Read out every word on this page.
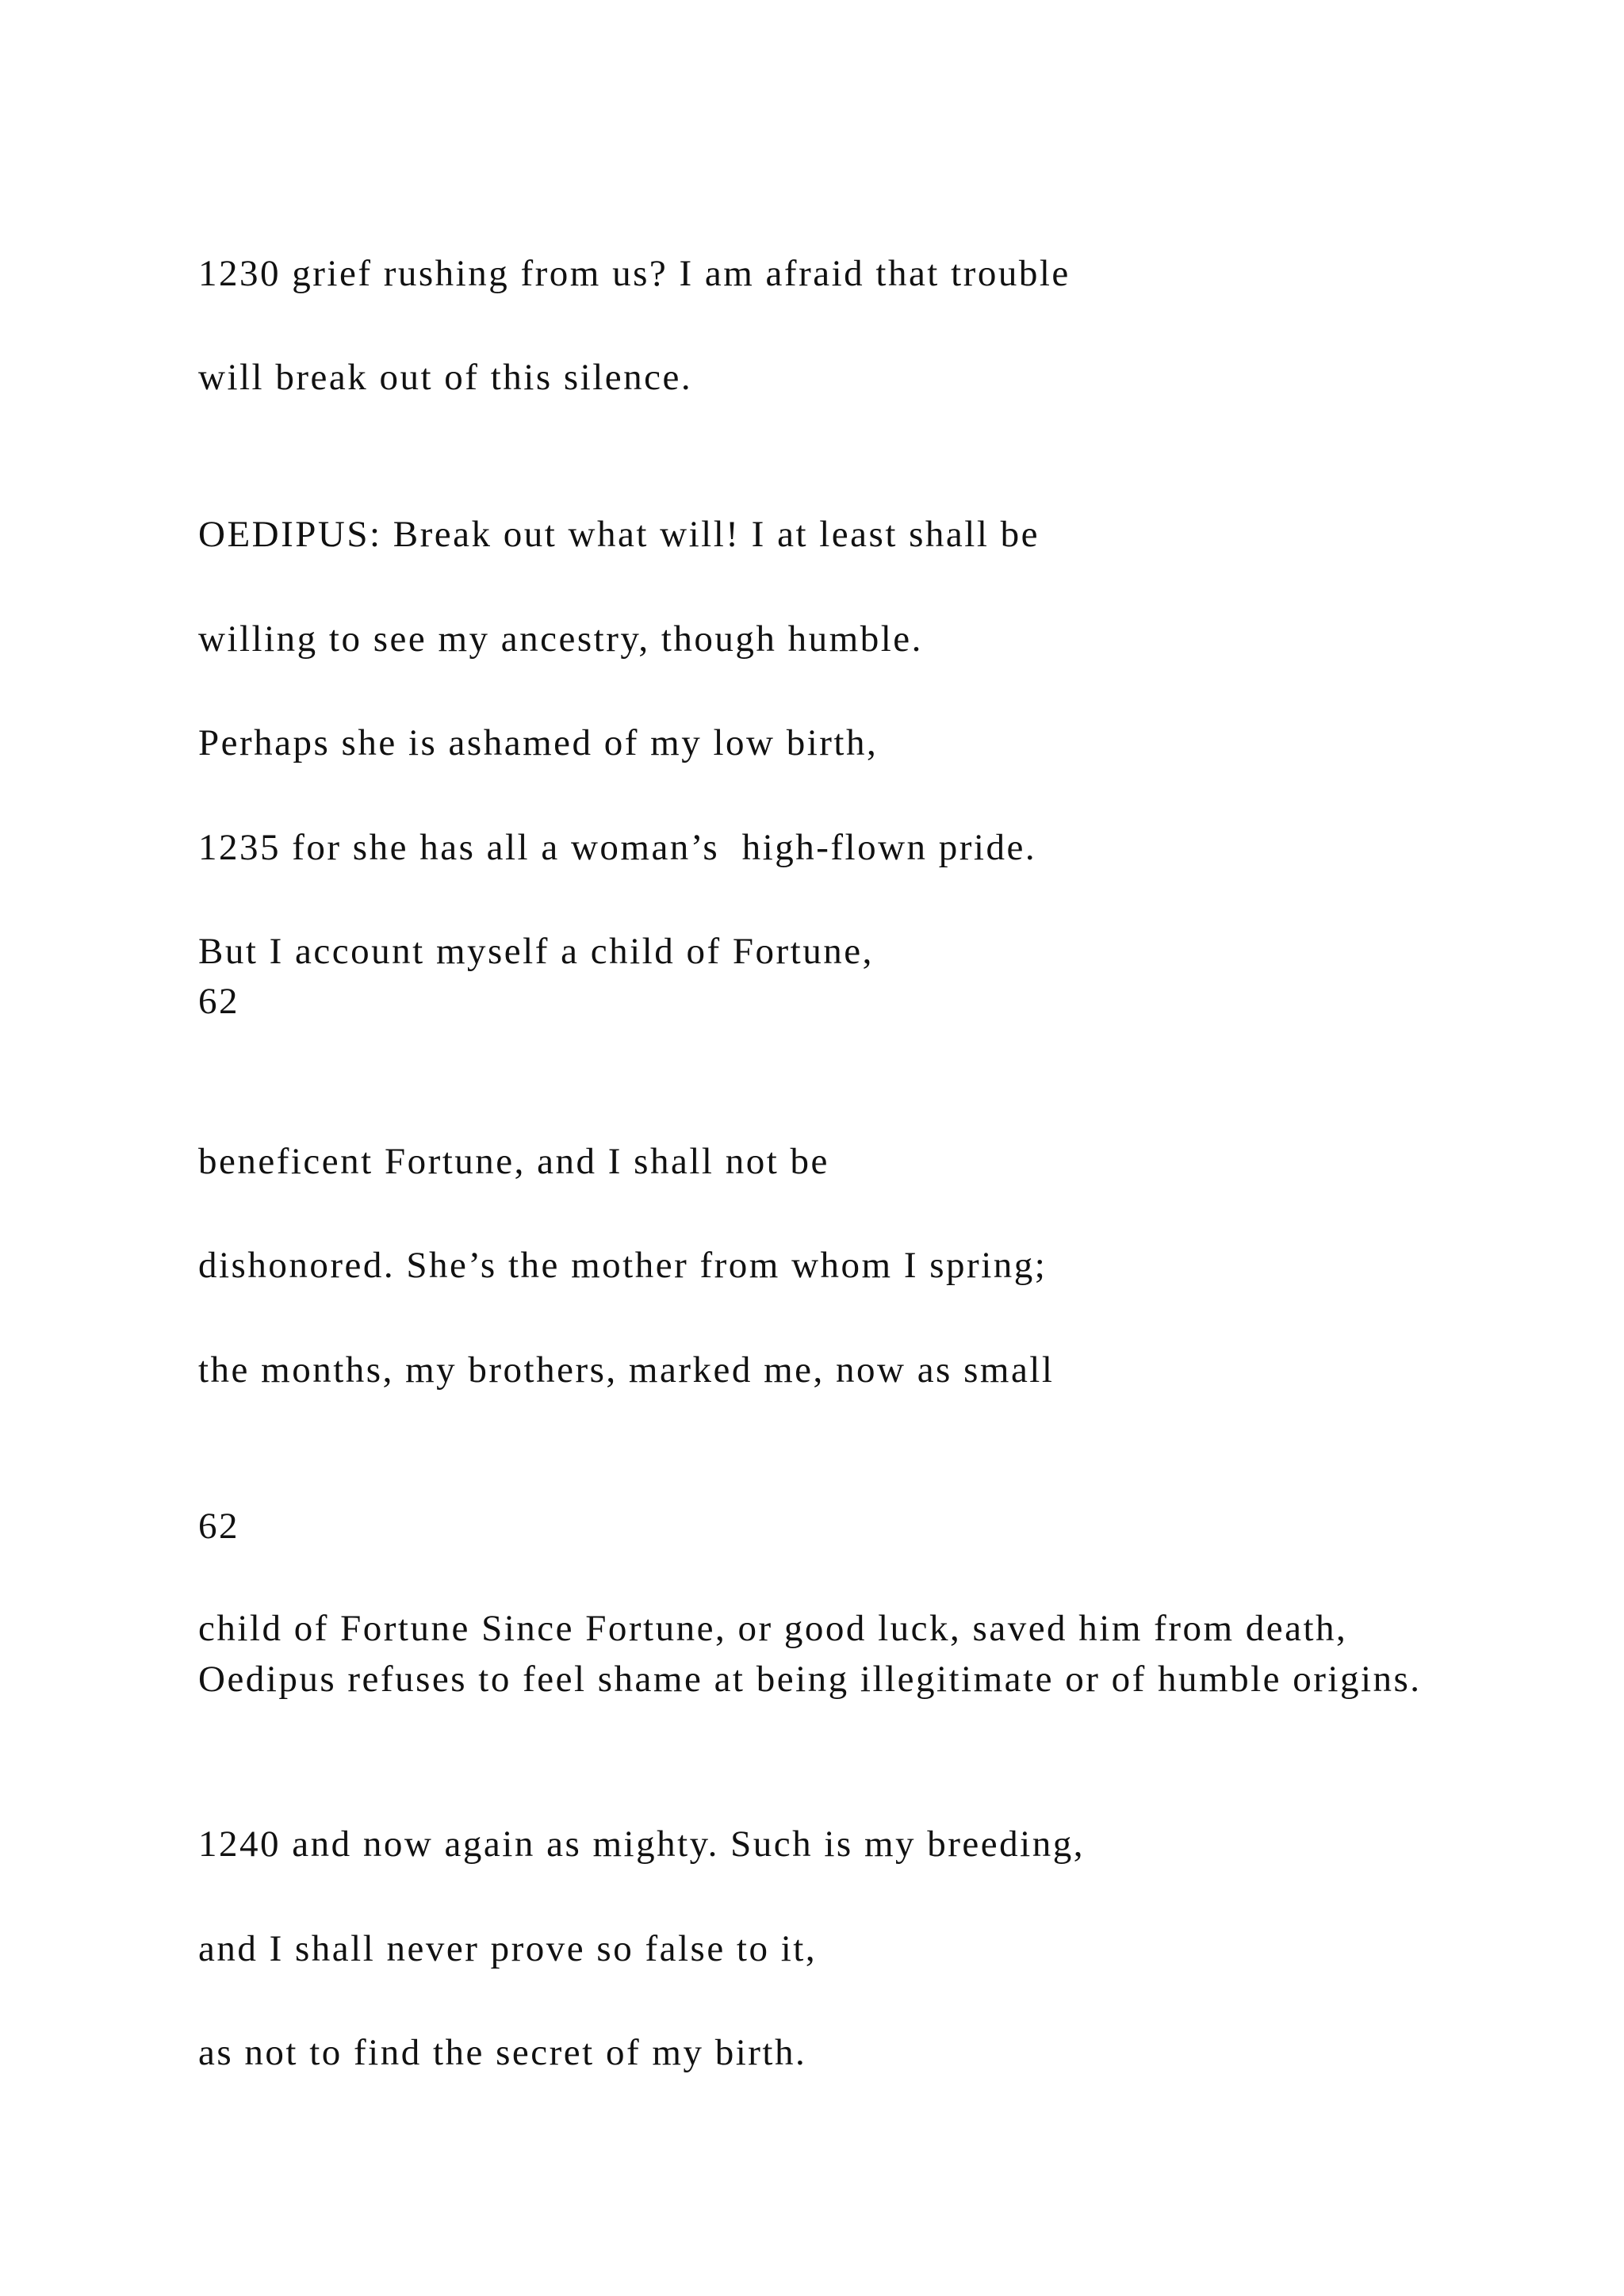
1230 grief rushing from us? I am afraid that trouble

will break out of this silence.

OEDIPUS: Break out what will! I at least shall be

willing to see my ancestry, though humble.

Perhaps she is ashamed of my low birth,

1235 for she has all a woman’s  high-flown pride.

But I account myself a child of Fortune,

62

beneficent Fortune, and I shall not be

dishonored. She’s the mother from whom I spring;

the months, my brothers, marked me, now as small

62

child of Fortune Since Fortune, or good luck, saved him from death, Oedipus refuses to feel shame at being illegitimate or of humble origins.

1240 and now again as mighty. Such is my breeding,

and I shall never prove so false to it,

as not to find the secret of my birth.
